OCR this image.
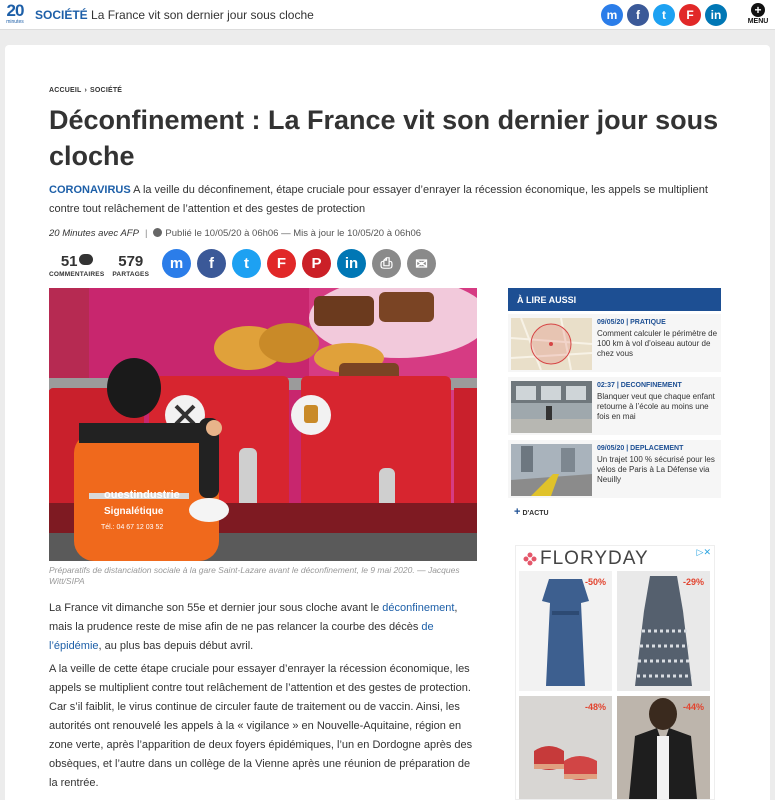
20
minutes SOCIÉTÉ La France vit son dernier jour sous cloche	m	f	t	F	in	+
MENU
ACCUEIL › SOCIÉTÉ
Déconfinement : La France vit son dernier jour sous cloche

CORONAVIRUS A la veille du déconfinement, étape cruciale pour essayer d’enrayer la récession économique, les appels se multiplient contre tout relâchement de l’attention et des gestes de protection

20 Minutes avec AFP | Publié le 10/05/20 à 06h06 — Mis à jour le 10/05/20 à 06h06
51
COMMENTAIRES
579
PARTAGES
m	f	t	F	P	in	⎙	✉
ouestindustrie
Signalétique
Tél.: 04 67 12 03 52
Préparatifs de distanciation sociale à la gare Saint-Lazare avant le déconfinement, le 9 mai 2020. — Jacques Witt/SIPA

La France vit dimanche son 55e et dernier jour sous cloche avant le déconfinement, mais la prudence reste de mise afin de ne pas relancer la courbe des décès de l’épidémie, au plus bas depuis début avril.

A la veille de cette étape cruciale pour essayer d’enrayer la récession économique, les appels se multiplient contre tout relâchement de l’attention et des gestes de protection. Car s’il faiblit, le virus continue de circuler faute de traitement ou de vaccin. Ainsi, les autorités ont renouvelé les appels à la « vigilance » en Nouvelle-Aquitaine, région en zone verte, après l’apparition de deux foyers épidémiques, l’un en Dordogne après des obsèques, et l’autre dans un collège de la Vienne après une réunion de préparation de la rentrée.

À LIRE AUSSI
09/05/20 | PRATIQUE
Comment calculer le périmètre de 100 km à vol d’oiseau autour de chez vous
02:37 | DECONFINEMENT
Blanquer veut que chaque enfant retourne à l’école au moins une fois en mai
09/05/20 | DEPLACEMENT
Un trajet 100 % sécurisé pour les vélos de Paris à La Défense via Neuilly
+ D'ACTU
FLORYDAY	▷✕
-50%	-29%
-48%	-44%
